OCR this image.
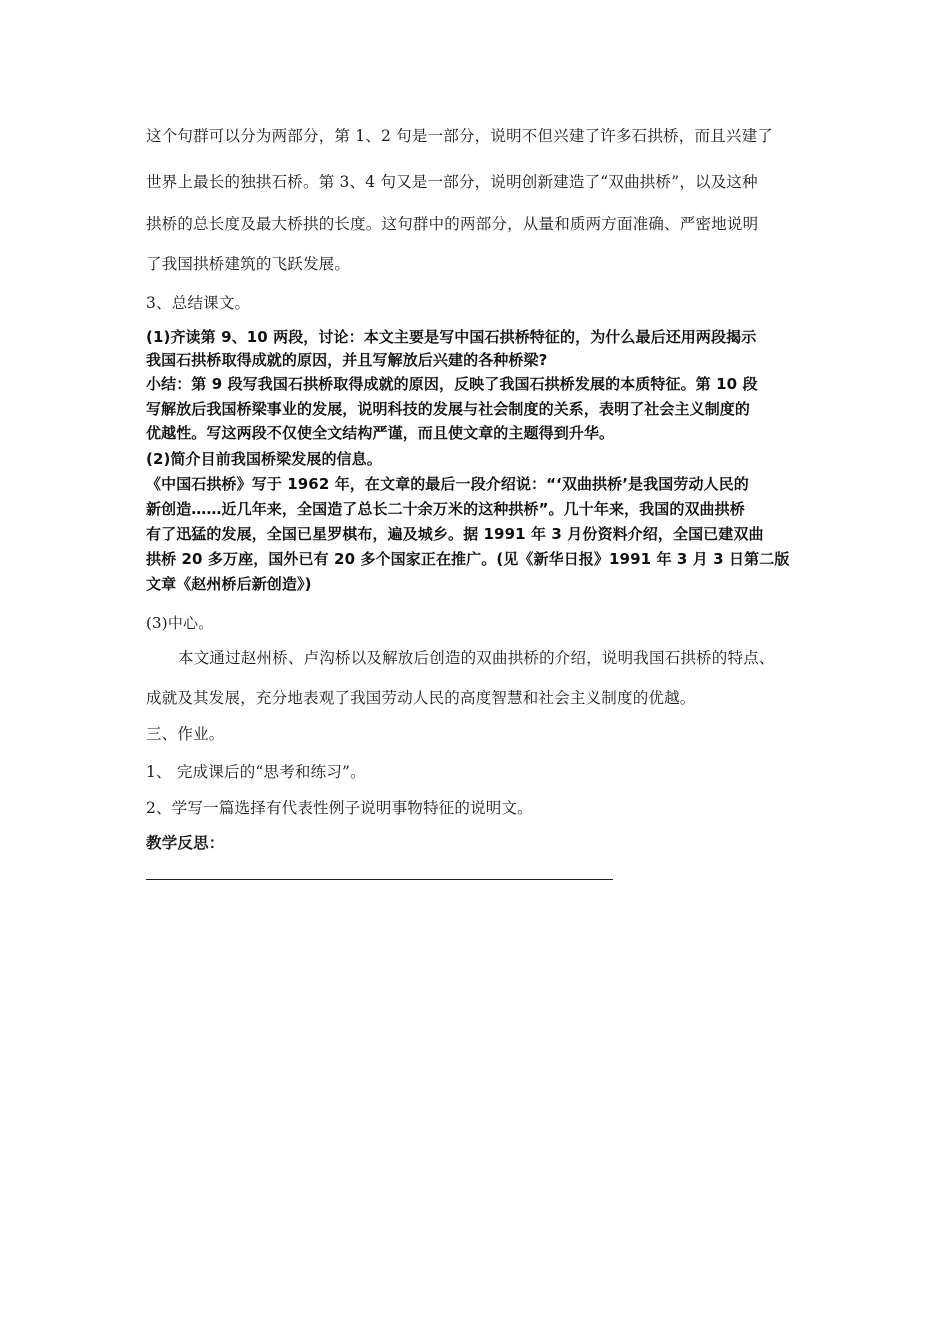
这个句群可以分为两部分，第 1、2 句是一部分，说明不但兴建了许多石拱桥，而且兴建了
世界上最长的独拱石桥。第 3、4 句又是一部分，说明创新建造了“双曲拱桥”，以及这种
拱桥的总长度及最大桥拱的长度。这句群中的两部分，从量和质两方面准确、严密地说明
了我国拱桥建筑的飞跃发展。
3、总结课文。
(1)齐读第 9、10 两段，讨论：本文主要是写中国石拱桥特征的，为什么最后还用两段揭示
我国石拱桥取得成就的原因，并且写解放后兴建的各种桥梁?
小结：第 9 段写我国石拱桥取得成就的原因，反映了我国石拱桥发展的本质特征。第 10 段
写解放后我国桥梁事业的发展，说明科技的发展与社会制度的关系，表明了社会主义制度的
优越性。写这两段不仅使全文结构严谨，而且使文章的主题得到升华。
(2)简介目前我国桥梁发展的信息。
《中国石拱桥》写于 1962 年，在文章的最后一段介绍说：“‘双曲拱桥’是我国劳动人民的
新创造……近几年来，全国造了总长二十余万米的这种拱桥”。几十年来，我国的双曲拱桥
有了迅猛的发展，全国已星罗棋布，遍及城乡。据 1991 年 3 月份资料介绍，全国已建双曲
拱桥 20 多万座，国外已有 20 多个国家正在推广。(见《新华日报》1991 年 3 月 3 日第二版
文章《赵州桥后新创造》)
(3)中心。
本文通过赵州桥、卢沟桥以及解放后创造的双曲拱桥的介绍，说明我国石拱桥的特点、
成就及其发展，充分地表观了我国劳动人民的高度智慧和社会主义制度的优越。
三、作业。
1、 完成课后的“思考和练习”。
2、学写一篇选择有代表性例子说明事物特征的说明文。
教学反思：
